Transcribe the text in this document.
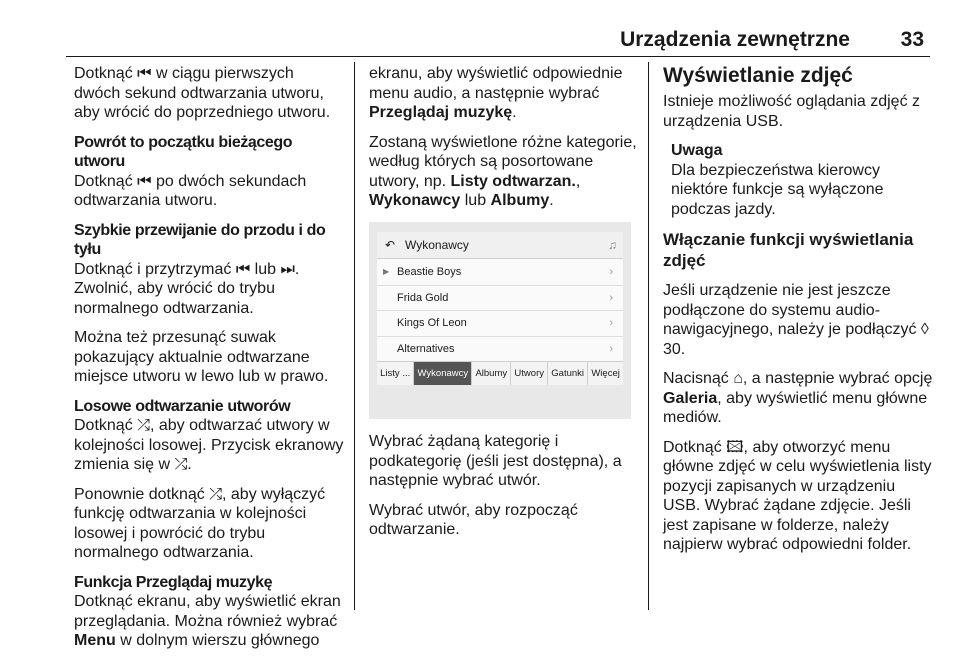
Urządzenia zewnętrzne 33

Dotknąć ⏮ w ciągu pierwszych dwóch sekund odtwarzania utworu, aby wrócić do poprzedniego utworu.

Powrót to początku bieżącego utworu

Dotknąć ⏮ po dwóch sekundach odtwarzania utworu.

Szybkie przewijanie do przodu i do tyłu

Dotknąć i przytrzymać ⏮ lub ⏭. Zwolnić, aby wrócić do trybu normalnego odtwarzania.

Można też przesunąć suwak pokazujący aktualnie odtwarzane miejsce utworu w lewo lub w prawo.

Losowe odtwarzanie utworów

Dotknąć ⤮, aby odtwarzać utwory w kolejności losowej. Przycisk ekranowy zmienia się w ⤮.

Ponownie dotknąć ⤮, aby wyłączyć funkcję odtwarzania w kolejności losowej i powrócić do trybu normalnego odtwarzania.

Funkcja Przeglądaj muzykę

Dotknąć ekranu, aby wyświetlić ekran przeglądania. Można również wybrać Menu w dolnym wierszu głównego

ekranu, aby wyświetlić odpowiednie menu audio, a następnie wybrać Przeglądaj muzykę.

Zostaną wyświetlone różne kategorie, według których są posortowane utwory, np. Listy odtwarzan., Wykonawcy lub Albumy.

↶ Wykonawcy	♫
▶ Beastie Boys	›
Frida Gold	›
Kings Of Leon	›
Alternatives	›
Listy ... Wykonawcy Albumy Utwory Gatunki Więcej

Wybrać żądaną kategorię i podkategorię (jeśli jest dostępna), a następnie wybrać utwór.

Wybrać utwór, aby rozpocząć odtwarzanie.

Wyświetlanie zdjęć

Istnieje możliwość oglądania zdjęć z urządzenia USB.

Uwaga
Dla bezpieczeństwa kierowcy niektóre funkcje są wyłączone podczas jazdy.
Włączanie funkcji wyświetlania zdjęć

Jeśli urządzenie nie jest jeszcze podłączone do systemu audio-nawigacyjnego, należy je podłączyć ◊ 30.

Nacisnąć ⌂, a następnie wybrać opcję Galeria, aby wyświetlić menu główne mediów.

Dotknąć 🖾, aby otworzyć menu główne zdjęć w celu wyświetlenia listy pozycji zapisanych w urządzeniu USB. Wybrać żądane zdjęcie. Jeśli jest zapisane w folderze, należy najpierw wybrać odpowiedni folder.
